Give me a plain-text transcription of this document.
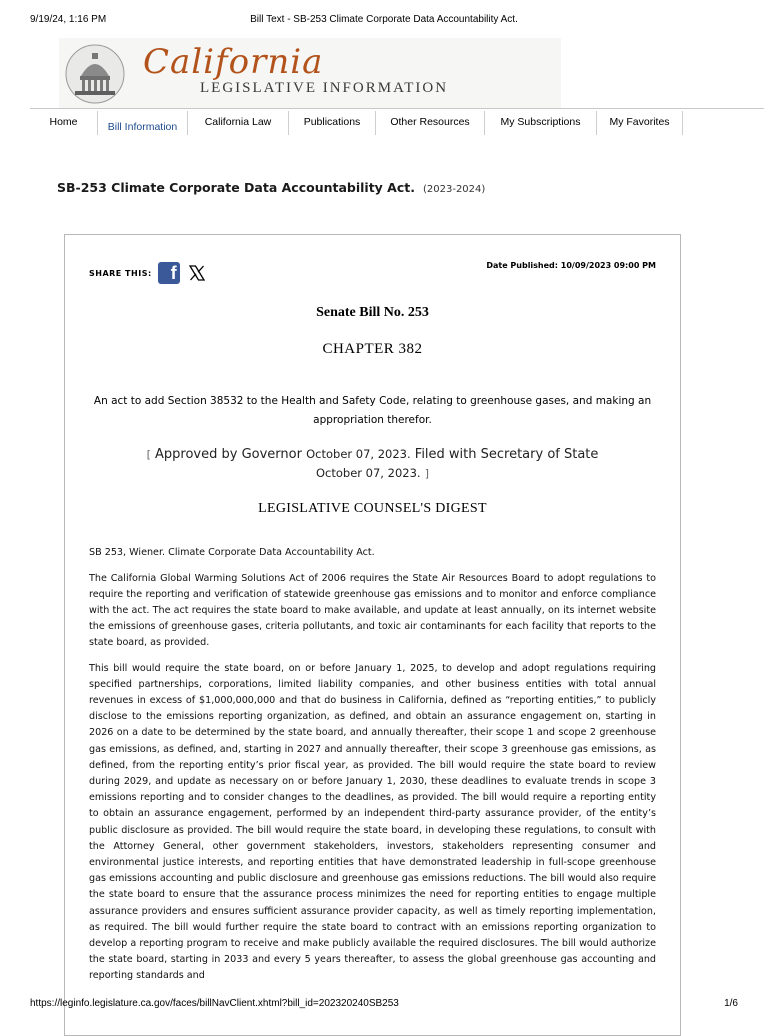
9/19/24, 1:16 PM	Bill Text - SB-253 Climate Corporate Data Accountability Act.
California
LEGISLATIVE INFORMATION
Home	Bill Information	California Law	Publications	Other Resources	My Subscriptions	My Favorites
SB-253 Climate Corporate Data Accountability Act. (2023-2024)
SHARE THIS:	f	Date Published: 10/09/2023 09:00 PM
Senate Bill No. 253
CHAPTER 382
An act to add Section 38532 to the Health and Safety Code, relating to greenhouse gases, and making an appropriation therefor.
[ Approved by Governor October 07, 2023. Filed with Secretary of State October 07, 2023. ]
LEGISLATIVE COUNSEL'S DIGEST

SB 253, Wiener. Climate Corporate Data Accountability Act.

The California Global Warming Solutions Act of 2006 requires the State Air Resources Board to adopt regulations to require the reporting and verification of statewide greenhouse gas emissions and to monitor and enforce compliance with the act. The act requires the state board to make available, and update at least annually, on its internet website the emissions of greenhouse gases, criteria pollutants, and toxic air contaminants for each facility that reports to the state board, as provided.

This bill would require the state board, on or before January 1, 2025, to develop and adopt regulations requiring specified partnerships, corporations, limited liability companies, and other business entities with total annual revenues in excess of $1,000,000,000 and that do business in California, defined as “reporting entities,” to publicly disclose to the emissions reporting organization, as defined, and obtain an assurance engagement on, starting in 2026 on a date to be determined by the state board, and annually thereafter, their scope 1 and scope 2 greenhouse gas emissions, as defined, and, starting in 2027 and annually thereafter, their scope 3 greenhouse gas emissions, as defined, from the reporting entity’s prior fiscal year, as provided. The bill would require the state board to review during 2029, and update as necessary on or before January 1, 2030, these deadlines to evaluate trends in scope 3 emissions reporting and to consider changes to the deadlines, as provided. The bill would require a reporting entity to obtain an assurance engagement, performed by an independent third-party assurance provider, of the entity’s public disclosure as provided. The bill would require the state board, in developing these regulations, to consult with the Attorney General, other government stakeholders, investors, stakeholders representing consumer and environmental justice interests, and reporting entities that have demonstrated leadership in full-scope greenhouse gas emissions accounting and public disclosure and greenhouse gas emissions reductions. The bill would also require the state board to ensure that the assurance process minimizes the need for reporting entities to engage multiple assurance providers and ensures sufficient assurance provider capacity, as well as timely reporting implementation, as required. The bill would further require the state board to contract with an emissions reporting organization to develop a reporting program to receive and make publicly available the required disclosures. The bill would authorize the state board, starting in 2033 and every 5 years thereafter, to assess the global greenhouse gas accounting and reporting standards and

https://leginfo.legislature.ca.gov/faces/billNavClient.xhtml?bill_id=202320240SB253	1/6
